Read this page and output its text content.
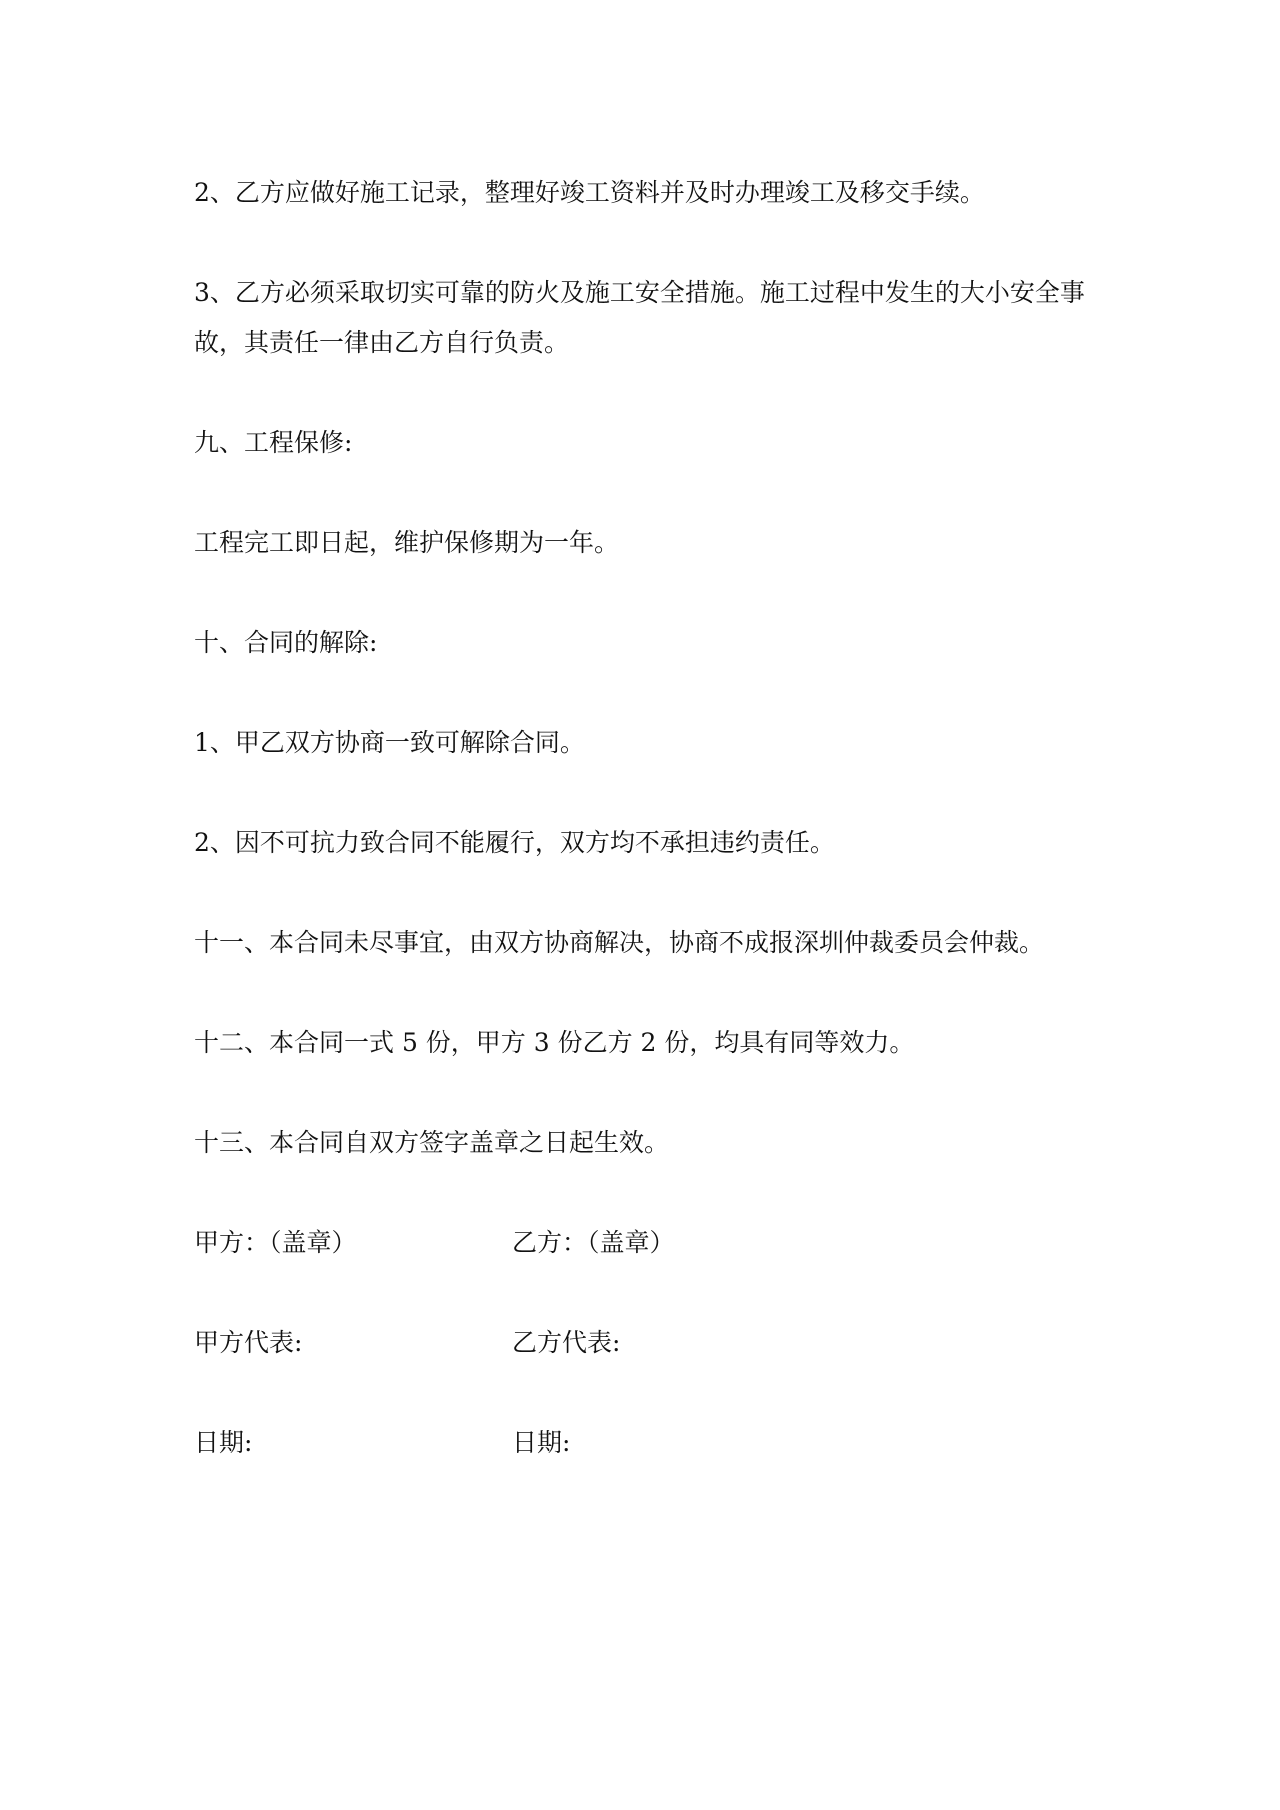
2、乙方应做好施工记录，整理好竣工资料并及时办理竣工及移交手续。

3、乙方必须采取切实可靠的防火及施工安全措施。施工过程中发生的大小安全事故，其责任一律由乙方自行负责。

九、工程保修:

工程完工即日起，维护保修期为一年。

十、合同的解除:

1、甲乙双方协商一致可解除合同。

2、因不可抗力致合同不能履行，双方均不承担违约责任。

十一、本合同未尽事宜，由双方协商解决，协商不成报深圳仲裁委员会仲裁。

十二、本合同一式 5 份，甲方 3 份乙方 2 份，均具有同等效力。

十三、本合同自双方签字盖章之日起生效。

甲方：（盖章）	乙方：（盖章）
甲方代表:	乙方代表:
日期:	日期:
